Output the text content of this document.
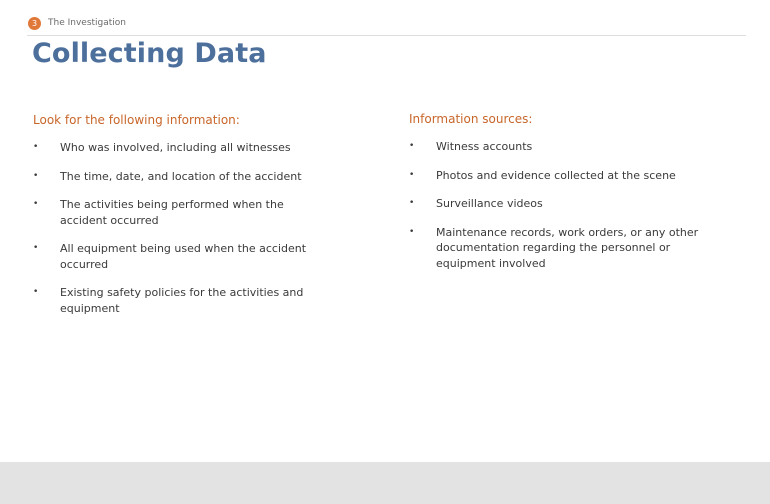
3	The Investigation
Collecting Data
Look for the following information:
• Who was involved, including all witnesses
• The time, date, and location of the accident
• The activities being performed when the accident occurred
• All equipment being used when the accident occurred
• Existing safety policies for the activities and equipment
Information sources:
• Witness accounts
• Photos and evidence collected at the scene
• Surveillance videos
• Maintenance records, work orders, or any other documentation regarding the personnel or equipment involved
